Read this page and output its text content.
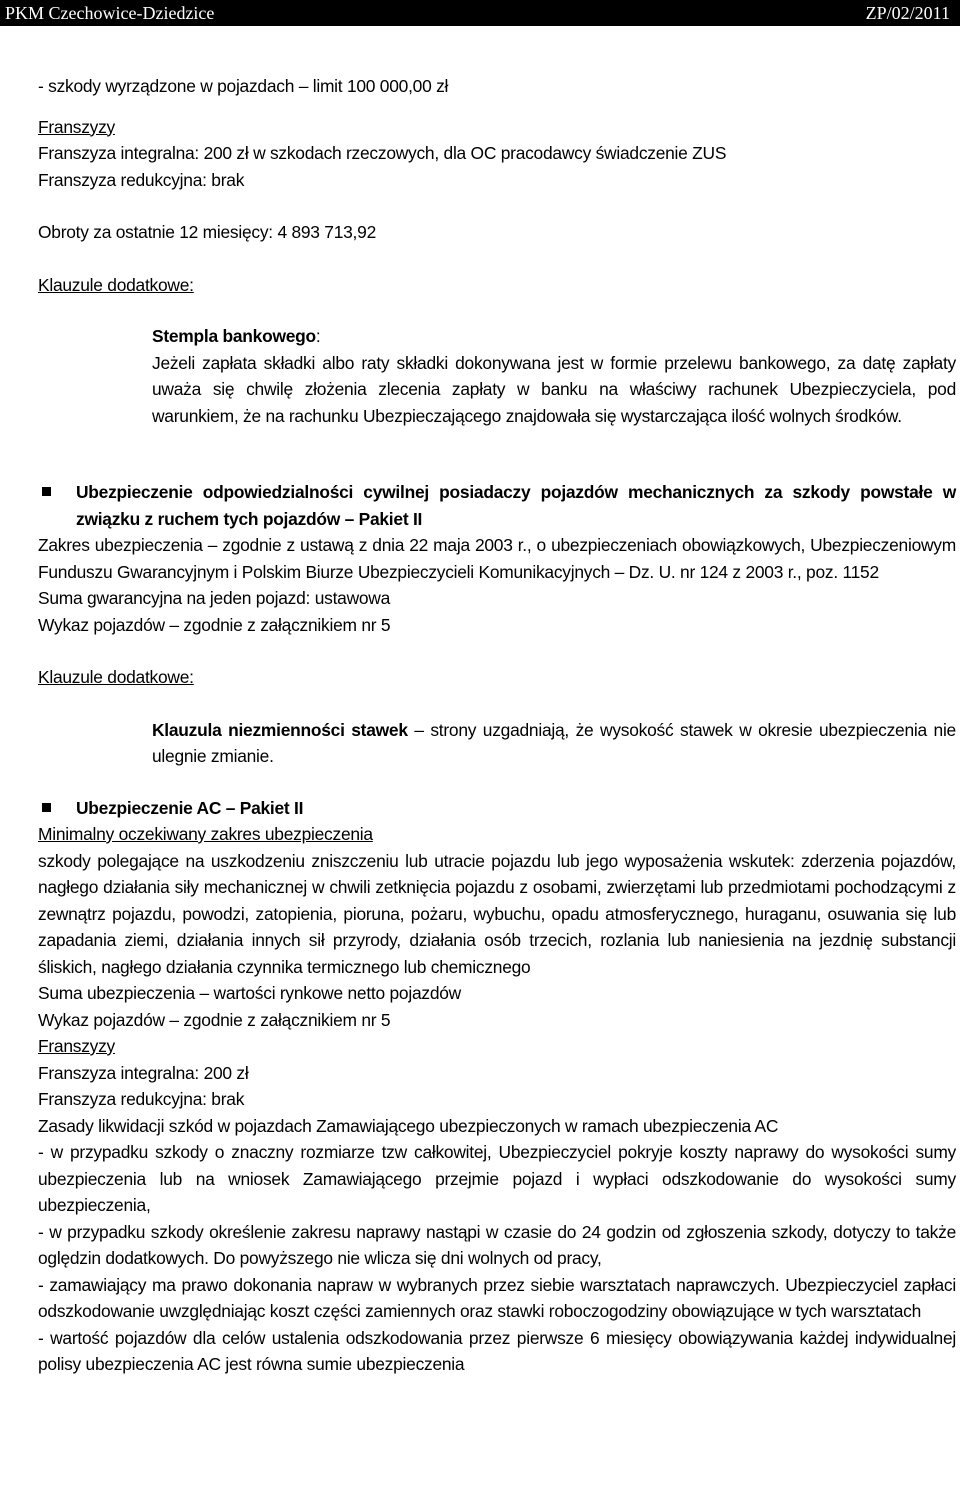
PKM Czechowice-Dziedzice	ZP/02/2011

- szkody wyrządzone w pojazdach – limit 100 000,00 zł

Franszyzy

Franszyza integralna: 200 zł w szkodach rzeczowych, dla OC pracodawcy świadczenie ZUS

Franszyza redukcyjna: brak

Obroty za ostatnie 12 miesięcy: 4 893 713,92

Klauzule dodatkowe:

Stempla bankowego:

Jeżeli zapłata składki albo raty składki dokonywana jest w formie przelewu bankowego, za datę zapłaty uważa się chwilę złożenia zlecenia zapłaty w banku na właściwy rachunek Ubezpieczyciela, pod warunkiem, że na rachunku Ubezpieczającego znajdowała się wystarczająca ilość wolnych środków.

Ubezpieczenie odpowiedzialności cywilnej posiadaczy pojazdów mechanicznych za szkody powstałe w związku z ruchem tych pojazdów – Pakiet II

Zakres ubezpieczenia – zgodnie z ustawą z dnia 22 maja 2003 r., o ubezpieczeniach obowiązkowych, Ubezpieczeniowym Funduszu Gwarancyjnym i Polskim Biurze Ubezpieczycieli Komunikacyjnych – Dz. U. nr 124 z 2003 r., poz. 1152

Suma gwarancyjna na jeden pojazd: ustawowa

Wykaz pojazdów – zgodnie z załącznikiem nr 5

Klauzule dodatkowe:

Klauzula niezmienności stawek – strony uzgadniają, że wysokość stawek w okresie ubezpieczenia nie ulegnie zmianie.

Ubezpieczenie AC – Pakiet II

Minimalny oczekiwany zakres ubezpieczenia

szkody polegające na uszkodzeniu zniszczeniu lub utracie pojazdu lub jego wyposażenia wskutek: zderzenia pojazdów, nagłego działania siły mechanicznej w chwili zetknięcia pojazdu z osobami, zwierzętami lub przedmiotami pochodzącymi z zewnątrz pojazdu, powodzi, zatopienia, pioruna, pożaru, wybuchu, opadu atmosferycznego, huraganu, osuwania się lub zapadania ziemi, działania innych sił przyrody, działania osób trzecich, rozlania lub naniesienia na jezdnię substancji śliskich, nagłego działania czynnika termicznego lub chemicznego

Suma ubezpieczenia – wartości rynkowe netto pojazdów

Wykaz pojazdów – zgodnie z załącznikiem nr 5

Franszyzy

Franszyza integralna: 200 zł

Franszyza redukcyjna: brak

Zasady likwidacji szkód w pojazdach Zamawiającego ubezpieczonych w ramach ubezpieczenia AC

- w przypadku szkody o znaczny rozmiarze tzw całkowitej, Ubezpieczyciel pokryje koszty naprawy do wysokości sumy ubezpieczenia lub na wniosek Zamawiającego przejmie pojazd i wypłaci odszkodowanie do wysokości sumy ubezpieczenia,

- w przypadku szkody określenie zakresu naprawy nastąpi w czasie do 24 godzin od zgłoszenia szkody, dotyczy to także oględzin dodatkowych. Do powyższego nie wlicza się dni wolnych od pracy,

- zamawiający ma prawo dokonania napraw w wybranych przez siebie warsztatach naprawczych. Ubezpieczyciel zapłaci odszkodowanie uwzględniając koszt części zamiennych oraz stawki roboczogodziny obowiązujące w tych warsztatach

- wartość pojazdów dla celów ustalenia odszkodowania przez pierwsze 6 miesięcy obowiązywania każdej indywidualnej polisy ubezpieczenia AC jest równa sumie ubezpieczenia
